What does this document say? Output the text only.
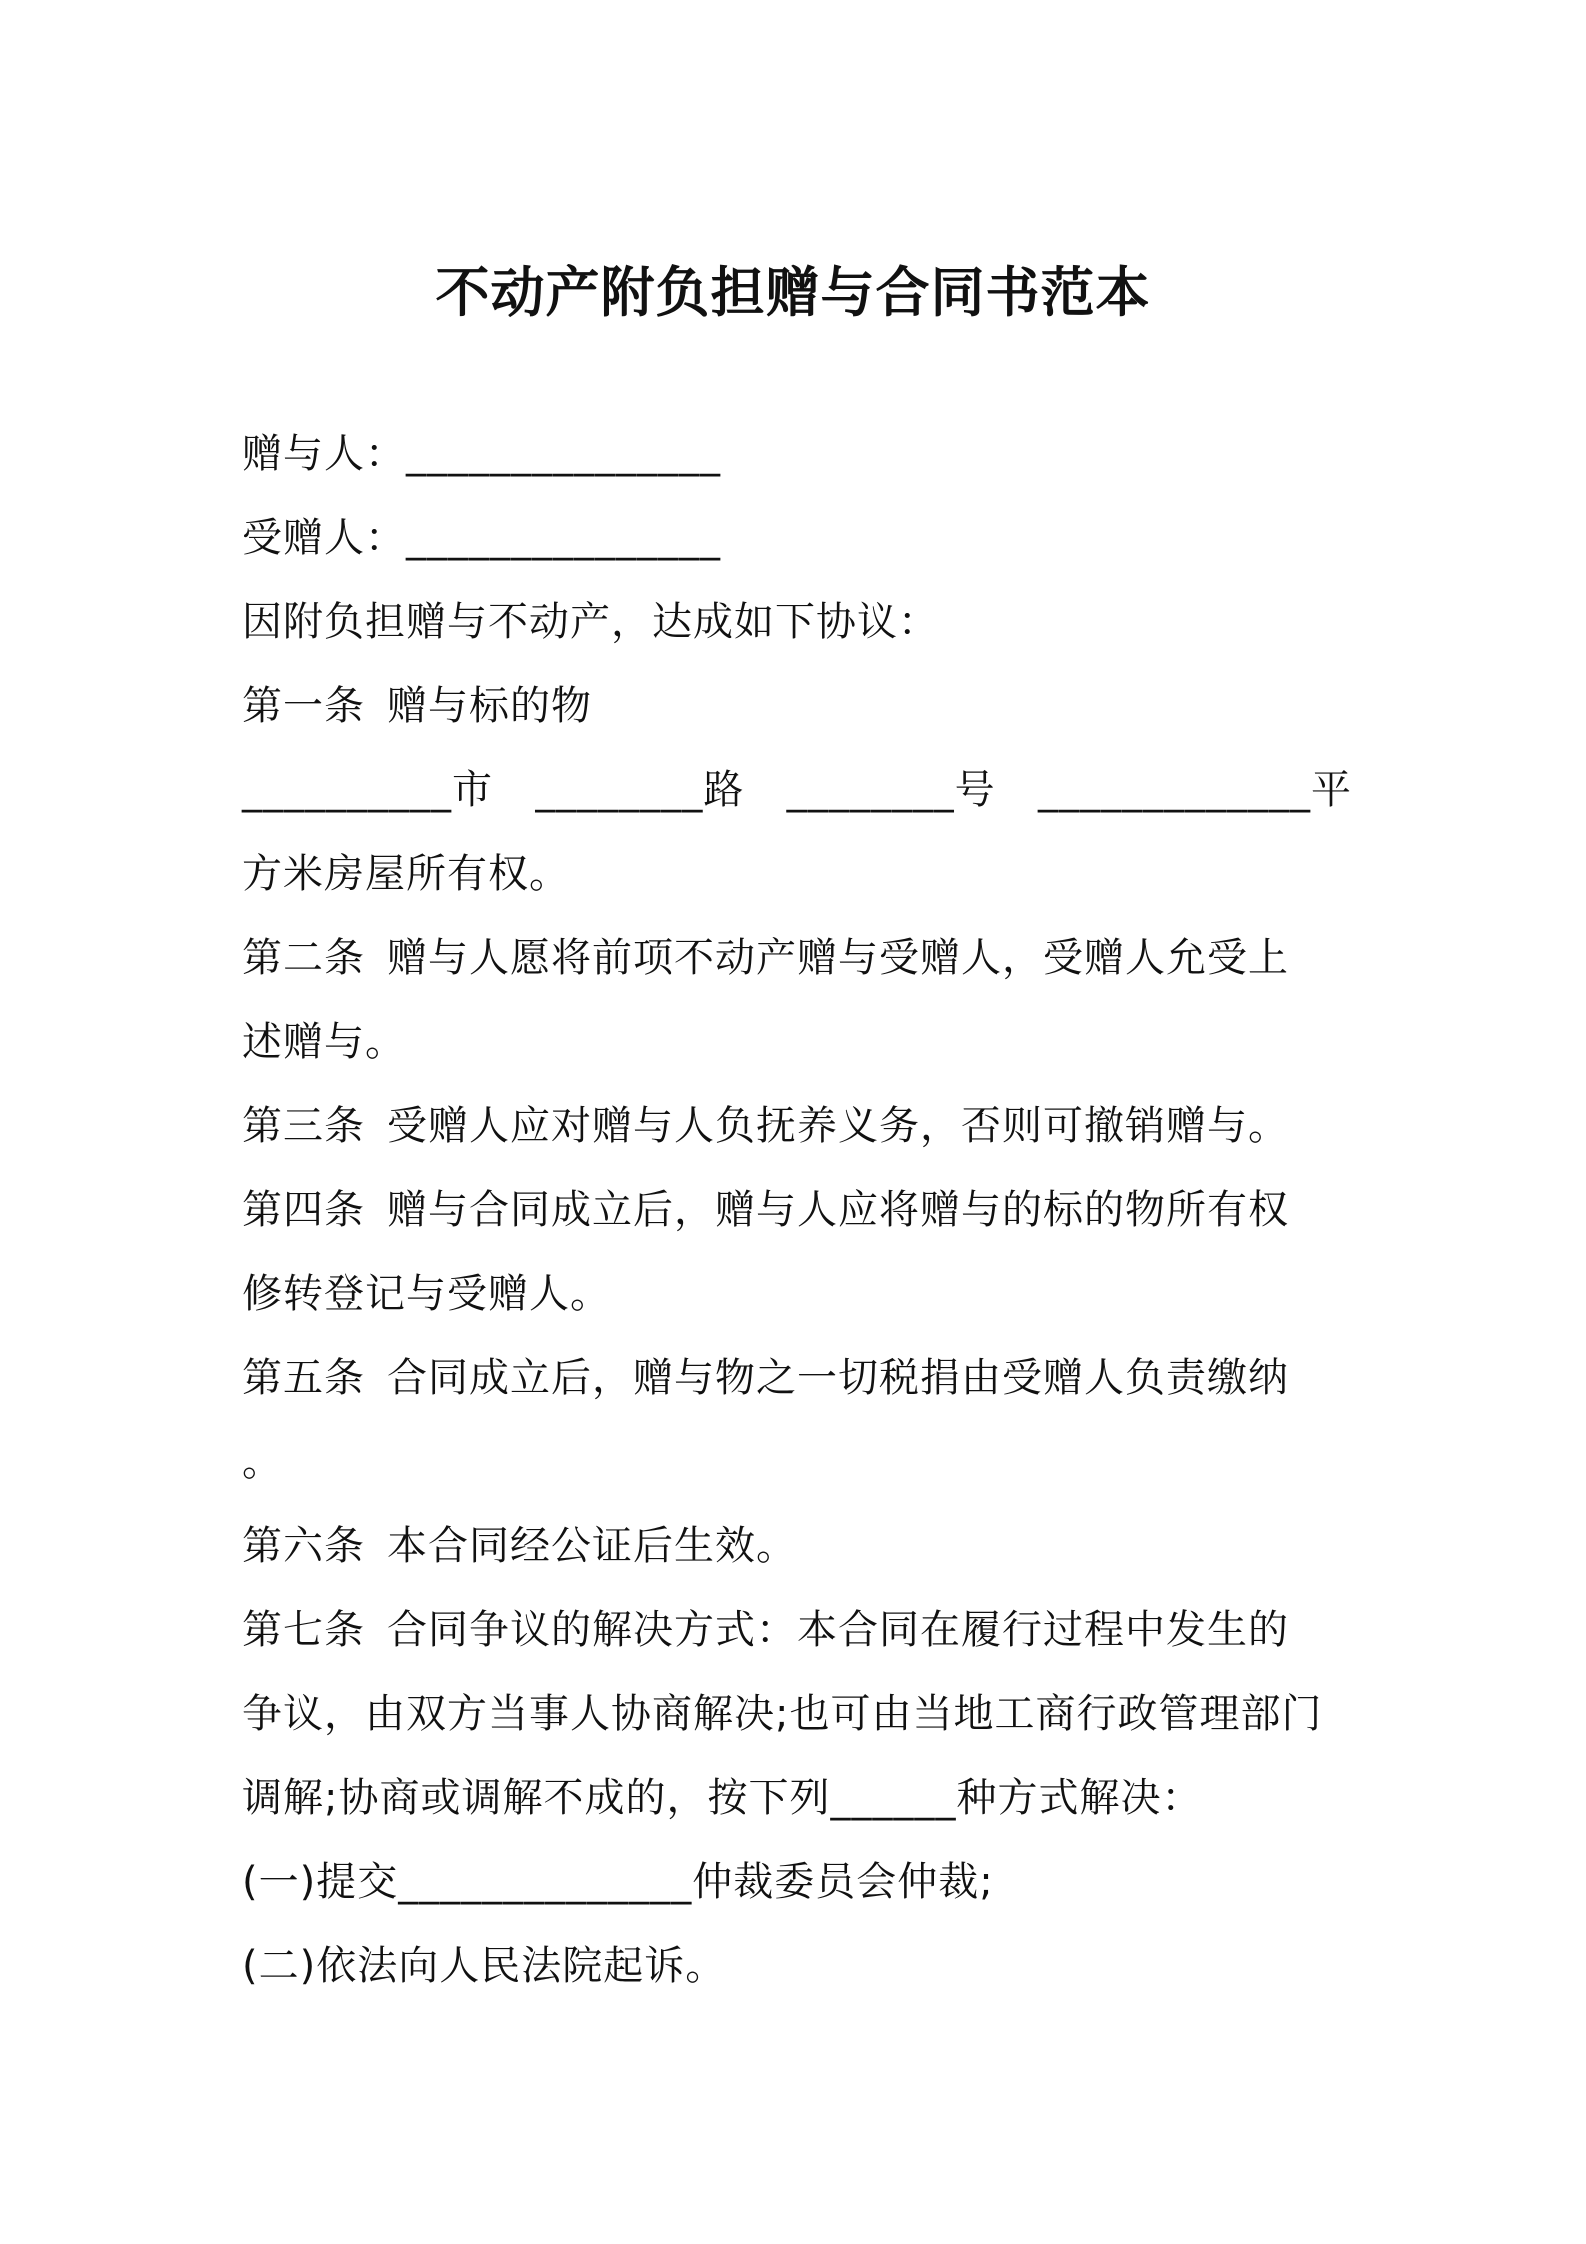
不动产附负担赠与合同书范本
赠与人：_______________
受赠人：_______________
因附负担赠与不动产，达成如下协议：
第一条 赠与标的物
__________市 ________路 ________号 _____________平
方米房屋所有权。
第二条 赠与人愿将前项不动产赠与受赠人，受赠人允受上
述赠与。
第三条 受赠人应对赠与人负抚养义务，否则可撤销赠与。
第四条 赠与合同成立后，赠与人应将赠与的标的物所有权
修转登记与受赠人。
第五条 合同成立后，赠与物之一切税捐由受赠人负责缴纳
。
第六条 本合同经公证后生效。
第七条 合同争议的解决方式：本合同在履行过程中发生的
争议，由双方当事人协商解决;也可由当地工商行政管理部门
调解;协商或调解不成的，按下列______种方式解决：
(一)提交______________仲裁委员会仲裁;
(二)依法向人民法院起诉。
